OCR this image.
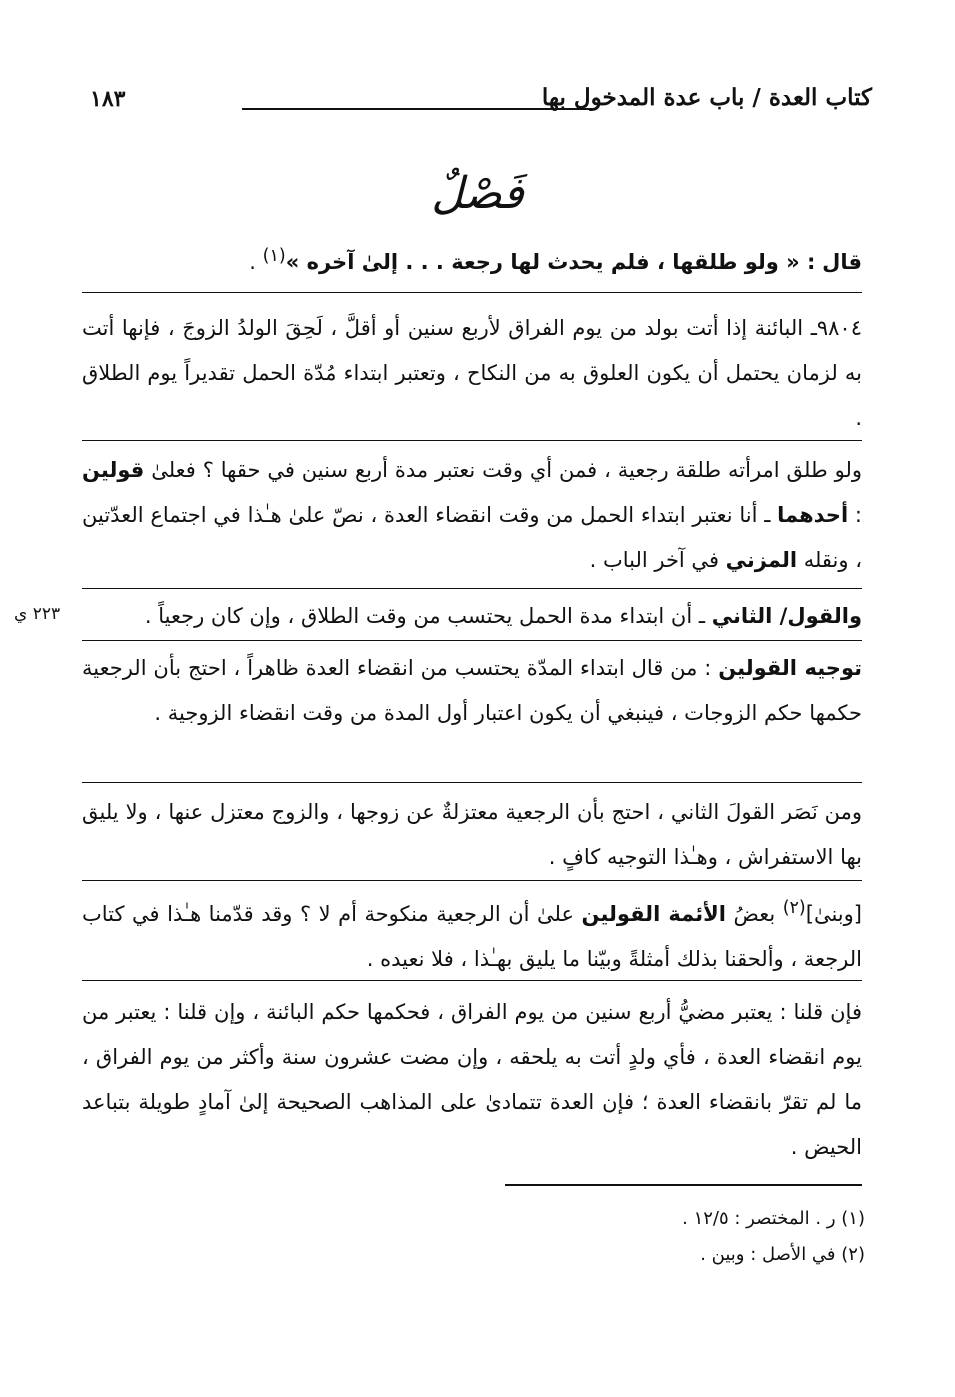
١٨٣	كتاب العدة / باب عدة المدخول بها
فَصْلٌ
قال : « ولو طلقها ، فلم يحدث لها رجعة . . . إلىٰ آخره »$^{(١)}$ .
٩٨٠٤ـ البائنة إذا أتت بولد من يوم الفراق لأربع سنين أو أقلَّ ، لَحِقَ الولدُ الزوجَ ، فإنها أتت به لزمان يحتمل أن يكون العلوق به من النكاح ، وتعتبر ابتداء مُدّة الحمل تقديراً يوم الطلاق .
ولو طلق امرأته طلقة رجعية ، فمن أي وقت نعتبر مدة أربع سنين في حقها ؟ فعلىٰ قولين : أحدهما ـ أنا نعتبر ابتداء الحمل من وقت انقضاء العدة ، نصّ علىٰ هـٰذا في اجتماع العدّتين ، ونقله المزني في آخر الباب .
والقول/ الثاني ـ أن ابتداء مدة الحمل يحتسب من وقت الطلاق ، وإن كان رجعياً .
٢٢٣ ي
توجيه القولين : من قال ابتداء المدّة يحتسب من انقضاء العدة ظاهراً ، احتج بأن الرجعية حكمها حكم الزوجات ، فينبغي أن يكون اعتبار أول المدة من وقت انقضاء الزوجية .
ومن نَصَر القولَ الثاني ، احتج بأن الرجعية معتزلةٌ عن زوجها ، والزوج معتزل عنها ، ولا يليق بها الاستفراش ، وهـٰذا التوجيه كافٍ .
[وبنىٰ]$^{(٢)}$ بعضُ الأئمة القولين علىٰ أن الرجعية منكوحة أم لا ؟ وقد قدّمنا هـٰذا في كتاب الرجعة ، وألحقنا بذلك أمثلةً وبيّنا ما يليق بهـٰذا ، فلا نعيده .
فإن قلنا : يعتبر مضيُّ أربع سنين من يوم الفراق ، فحكمها حكم البائنة ، وإن قلنا : يعتبر من يوم انقضاء العدة ، فأي ولدٍ أتت به يلحقه ، وإن مضت عشرون سنة وأكثر من يوم الفراق ، ما لم تقرّ بانقضاء العدة ؛ فإن العدة تتمادىٰ على المذاهب الصحيحة إلىٰ آمادٍ طويلة بتباعد الحيض .
(١) ر . المختصر : ١٢/٥ .
(٢) في الأصل : وبين .
